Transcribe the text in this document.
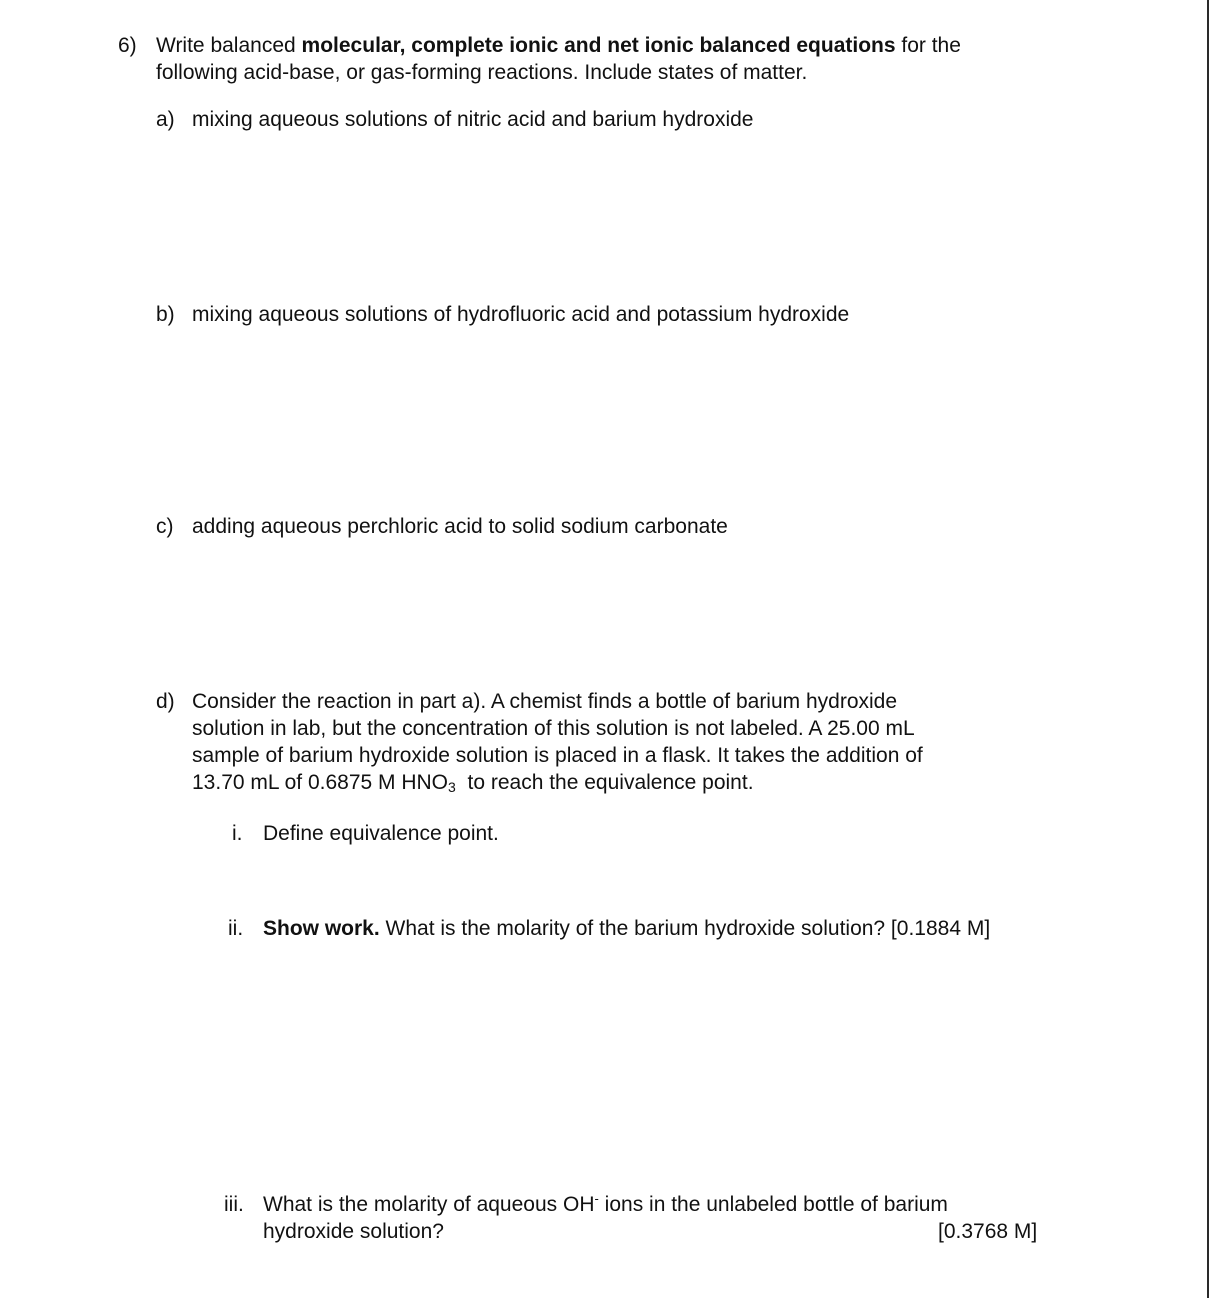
6) Write balanced molecular, complete ionic and net ionic balanced equations for the
following acid-base, or gas-forming reactions. Include states of matter.
a) mixing aqueous solutions of nitric acid and barium hydroxide
b) mixing aqueous solutions of hydrofluoric acid and potassium hydroxide
c) adding aqueous perchloric acid to solid sodium carbonate
d) Consider the reaction in part a). A chemist finds a bottle of barium hydroxide
solution in lab, but the concentration of this solution is not labeled. A 25.00 mL
sample of barium hydroxide solution is placed in a flask. It takes the addition of
13.70 mL of 0.6875 M $HNO_3$ to reach the equivalence point.
i. Define equivalence point.
ii. Show work. What is the molarity of the barium hydroxide solution? [0.1884 M]
iii. What is the molarity of aqueous OH- ions in the unlabeled bottle of barium
hydroxide solution?	[0.3768 M]
